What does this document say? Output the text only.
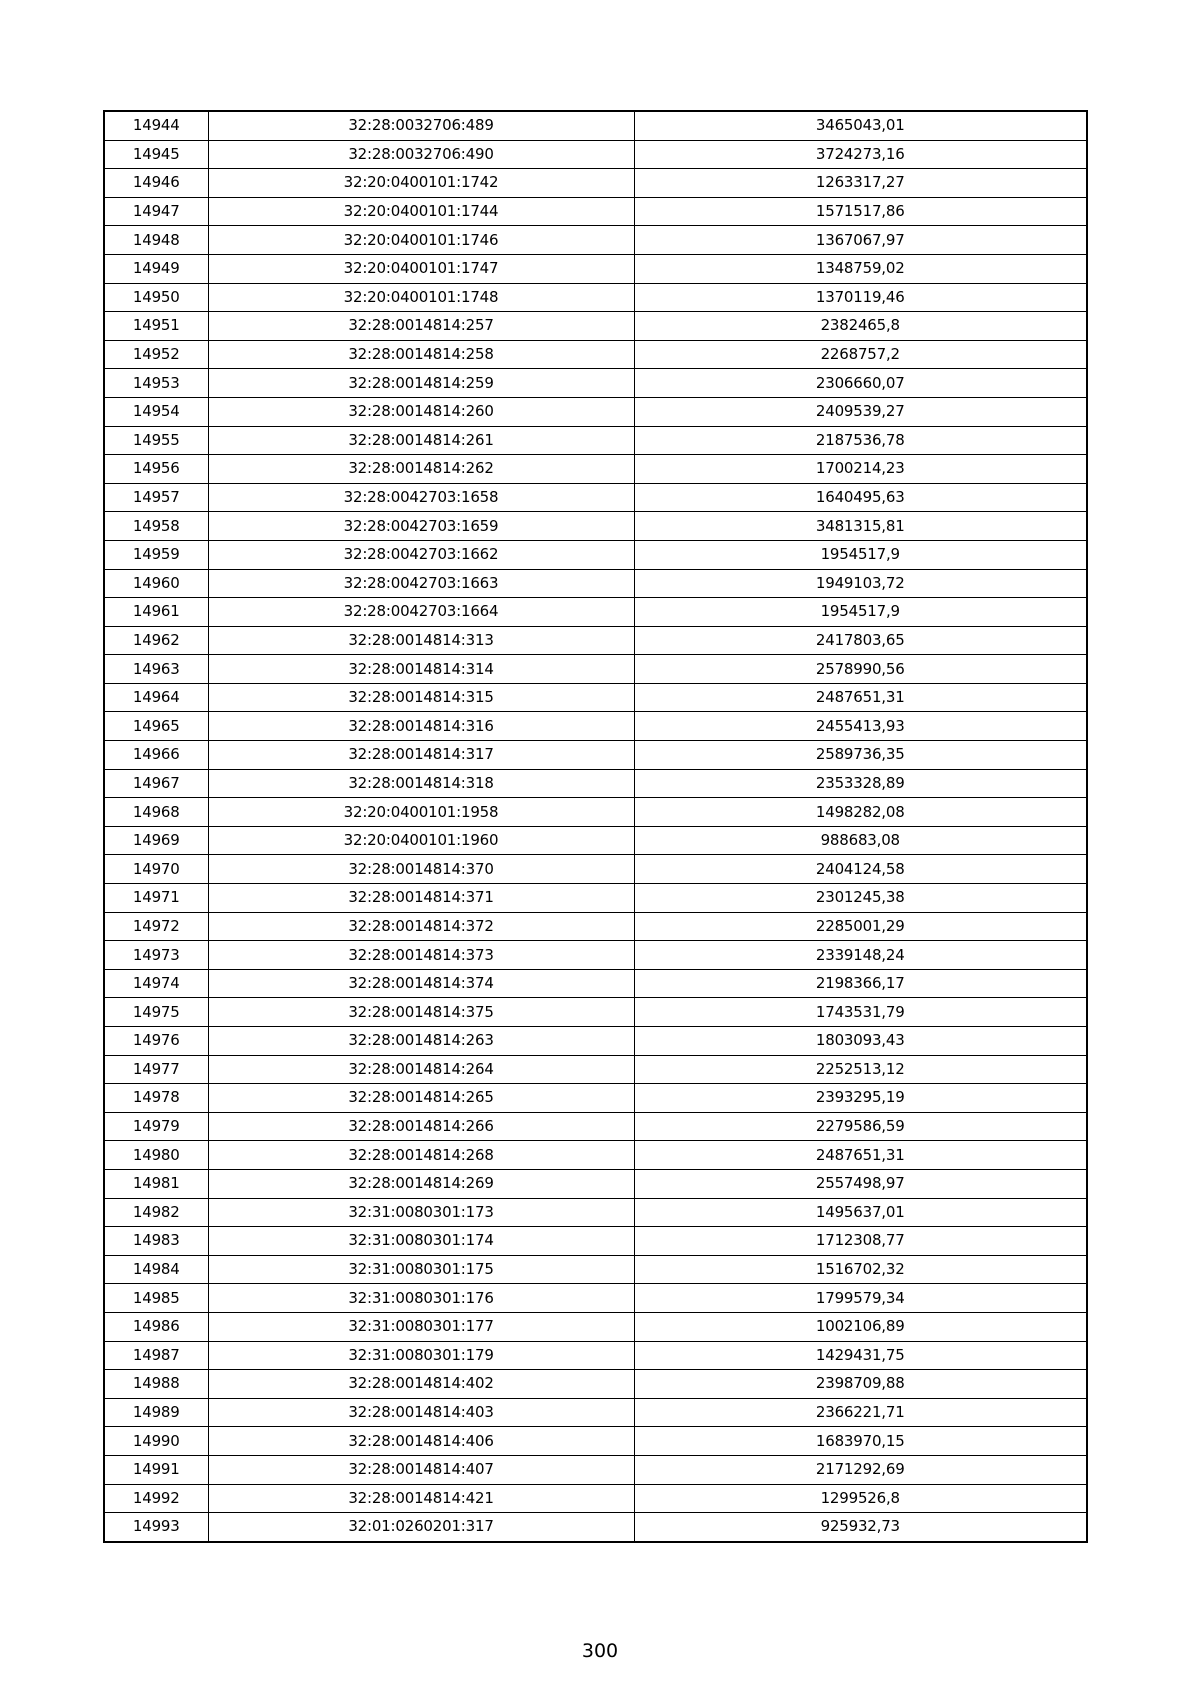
14944	32:28:0032706:489	3465043,01
14945	32:28:0032706:490	3724273,16
14946	32:20:0400101:1742	1263317,27
14947	32:20:0400101:1744	1571517,86
14948	32:20:0400101:1746	1367067,97
14949	32:20:0400101:1747	1348759,02
14950	32:20:0400101:1748	1370119,46
14951	32:28:0014814:257	2382465,8
14952	32:28:0014814:258	2268757,2
14953	32:28:0014814:259	2306660,07
14954	32:28:0014814:260	2409539,27
14955	32:28:0014814:261	2187536,78
14956	32:28:0014814:262	1700214,23
14957	32:28:0042703:1658	1640495,63
14958	32:28:0042703:1659	3481315,81
14959	32:28:0042703:1662	1954517,9
14960	32:28:0042703:1663	1949103,72
14961	32:28:0042703:1664	1954517,9
14962	32:28:0014814:313	2417803,65
14963	32:28:0014814:314	2578990,56
14964	32:28:0014814:315	2487651,31
14965	32:28:0014814:316	2455413,93
14966	32:28:0014814:317	2589736,35
14967	32:28:0014814:318	2353328,89
14968	32:20:0400101:1958	1498282,08
14969	32:20:0400101:1960	988683,08
14970	32:28:0014814:370	2404124,58
14971	32:28:0014814:371	2301245,38
14972	32:28:0014814:372	2285001,29
14973	32:28:0014814:373	2339148,24
14974	32:28:0014814:374	2198366,17
14975	32:28:0014814:375	1743531,79
14976	32:28:0014814:263	1803093,43
14977	32:28:0014814:264	2252513,12
14978	32:28:0014814:265	2393295,19
14979	32:28:0014814:266	2279586,59
14980	32:28:0014814:268	2487651,31
14981	32:28:0014814:269	2557498,97
14982	32:31:0080301:173	1495637,01
14983	32:31:0080301:174	1712308,77
14984	32:31:0080301:175	1516702,32
14985	32:31:0080301:176	1799579,34
14986	32:31:0080301:177	1002106,89
14987	32:31:0080301:179	1429431,75
14988	32:28:0014814:402	2398709,88
14989	32:28:0014814:403	2366221,71
14990	32:28:0014814:406	1683970,15
14991	32:28:0014814:407	2171292,69
14992	32:28:0014814:421	1299526,8
14993	32:01:0260201:317	925932,73
300
